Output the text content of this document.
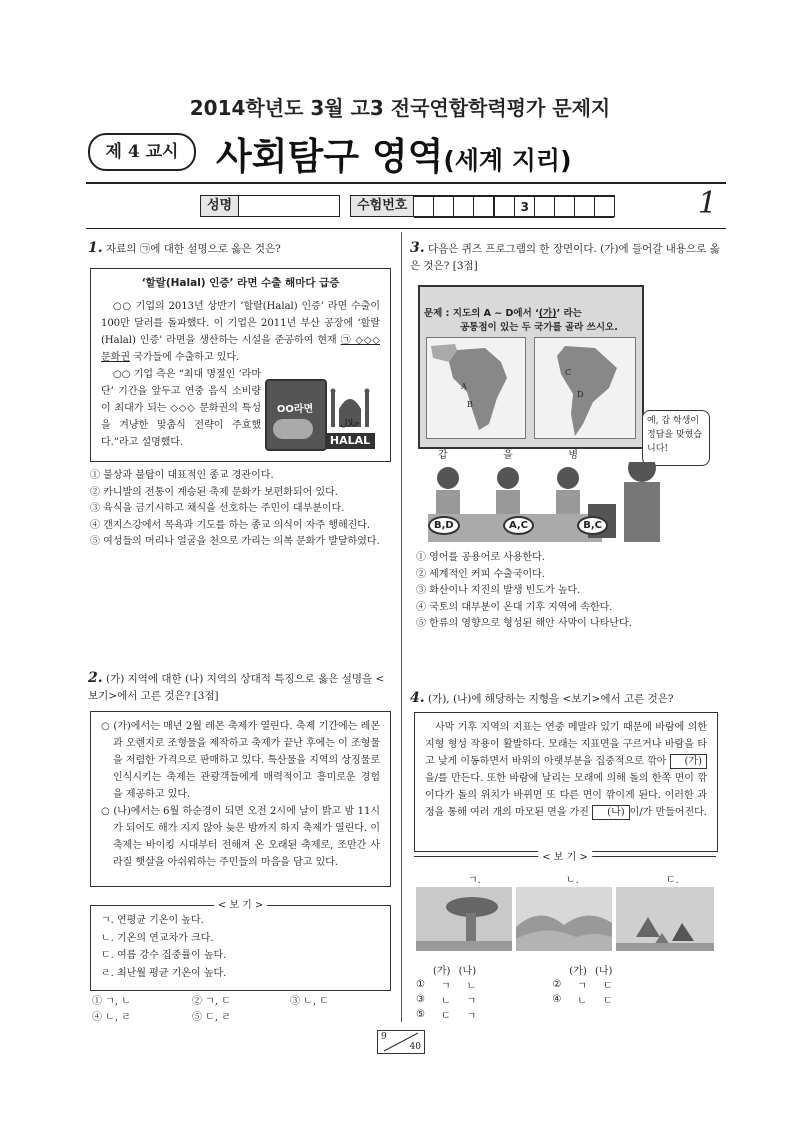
2014학년도 3월 고3 전국연합학력평가 문제지
제 4 교시	사회탐구 영역(세계 지리)
성명	수험번호	3	1
1. 자료의 ㉠에 대한 설명으로 옳은 것은?
‘할랄(Halal) 인증’ 라면 수출 해마다 급증
○○ 기업의 2013년 상반기 ‘할랄(Halal) 인증’ 라면 수출이 100만 달러를 돌파했다. 이 기업은 2011년 부산 공장에 ‘할랄(Halal) 인증’ 라면을 생산하는 시설을 준공하여 현재 ㉠ ◇◇◇ 문화권 국가들에 수출하고 있다.
○○ 기업 측은 “최대 명절인 ‘라마단’ 기간을 앞두고 연중 음식 소비량이 최대가 되는 ◇◇◇ 문화권의 특성을 겨냥한 맞춤식 전략이 주효했다.”라고 설명했다.
OO라면
حلال
HALAL
① 불상과 불탑이 대표적인 종교 경관이다.
② 카니발의 전통이 계승된 축제 문화가 보편화되어 있다.
③ 육식을 금기시하고 채식을 선호하는 주민이 대부분이다.
④ 갠지스강에서 목욕과 기도를 하는 종교 의식이 자주 행해진다.
⑤ 여성들의 머리나 얼굴을 천으로 가리는 의복 문화가 발달하였다.
2. (가) 지역에 대한 (나) 지역의 상대적 특징으로 옳은 설명을 <보기>에서 고른 것은? [3점]
○ (가)에서는 매년 2월 레몬 축제가 열린다. 축제 기간에는 레몬과 오렌지로 조형물을 제작하고 축제가 끝난 후에는 이 조형물을 저렴한 가격으로 판매하고 있다. 특산물을 지역의 상징물로 인식시키는 축제는 관광객들에게 매력적이고 흥미로운 경험을 제공하고 있다.
○ (나)에서는 6월 하순경이 되면 오전 2시에 날이 밝고 밤 11시가 되어도 해가 지지 않아 늦은 밤까지 하지 축제가 열린다. 이 축제는 바이킹 시대부터 전해져 온 오래된 축제로, 조만간 사라질 햇살을 아쉬워하는 주민들의 마음을 담고 있다.
< 보 기 >
ㄱ. 연평균 기온이 높다.
ㄴ. 기온의 연교차가 크다.
ㄷ. 여름 강수 집중률이 높다.
ㄹ. 최난월 평균 기온이 높다.
① ㄱ, ㄴ	② ㄱ, ㄷ	③ ㄴ, ㄷ
④ ㄴ, ㄹ	⑤ ㄷ, ㄹ
3. 다음은 퀴즈 프로그램의 한 장면이다. (가)에 들어갈 내용으로 옳은 것은? [3점]
문제 : 지도의 A ~ D에서 ‘(가)’ 라는
공통점이 있는 두 국가를 골라 쓰시오.
A
B
C
D
예, 갑 학생이 정답을 맞혔습니다!
갑	을	병
B,D	A,C	B,C
① 영어를 공용어로 사용한다.
② 세계적인 커피 수출국이다.
③ 화산이나 지진의 발생 빈도가 높다.
④ 국토의 대부분이 온대 기후 지역에 속한다.
⑤ 한류의 영향으로 형성된 해안 사막이 나타난다.
4. (가), (나)에 해당하는 지형을 <보기>에서 고른 것은?
사막 기후 지역의 지표는 연중 메말라 있기 때문에 바람에 의한 지형 형성 작용이 활발하다. 모래는 지표면을 구르거나 바람을 타고 낮게 이동하면서 바위의 아랫부분을 집중적으로 깎아 (가)을/를 만든다. 또한 바람에 날리는 모래에 의해 돌의 한쪽 면이 깎이다가 돌의 위치가 바뀌면 또 다른 면이 깎이게 된다. 이러한 과정을 통해 여러 개의 마모된 면을 가진 (나) 이/가 만들어진다.
< 보 기 >
ㄱ.	ㄴ.	ㄷ.
	(가)	(나)			(가)	(나)
①	ㄱ	ㄴ		②	ㄱ	ㄷ
③	ㄴ	ㄱ		④	ㄴ	ㄷ
⑤	ㄷ	ㄱ				
9
40
